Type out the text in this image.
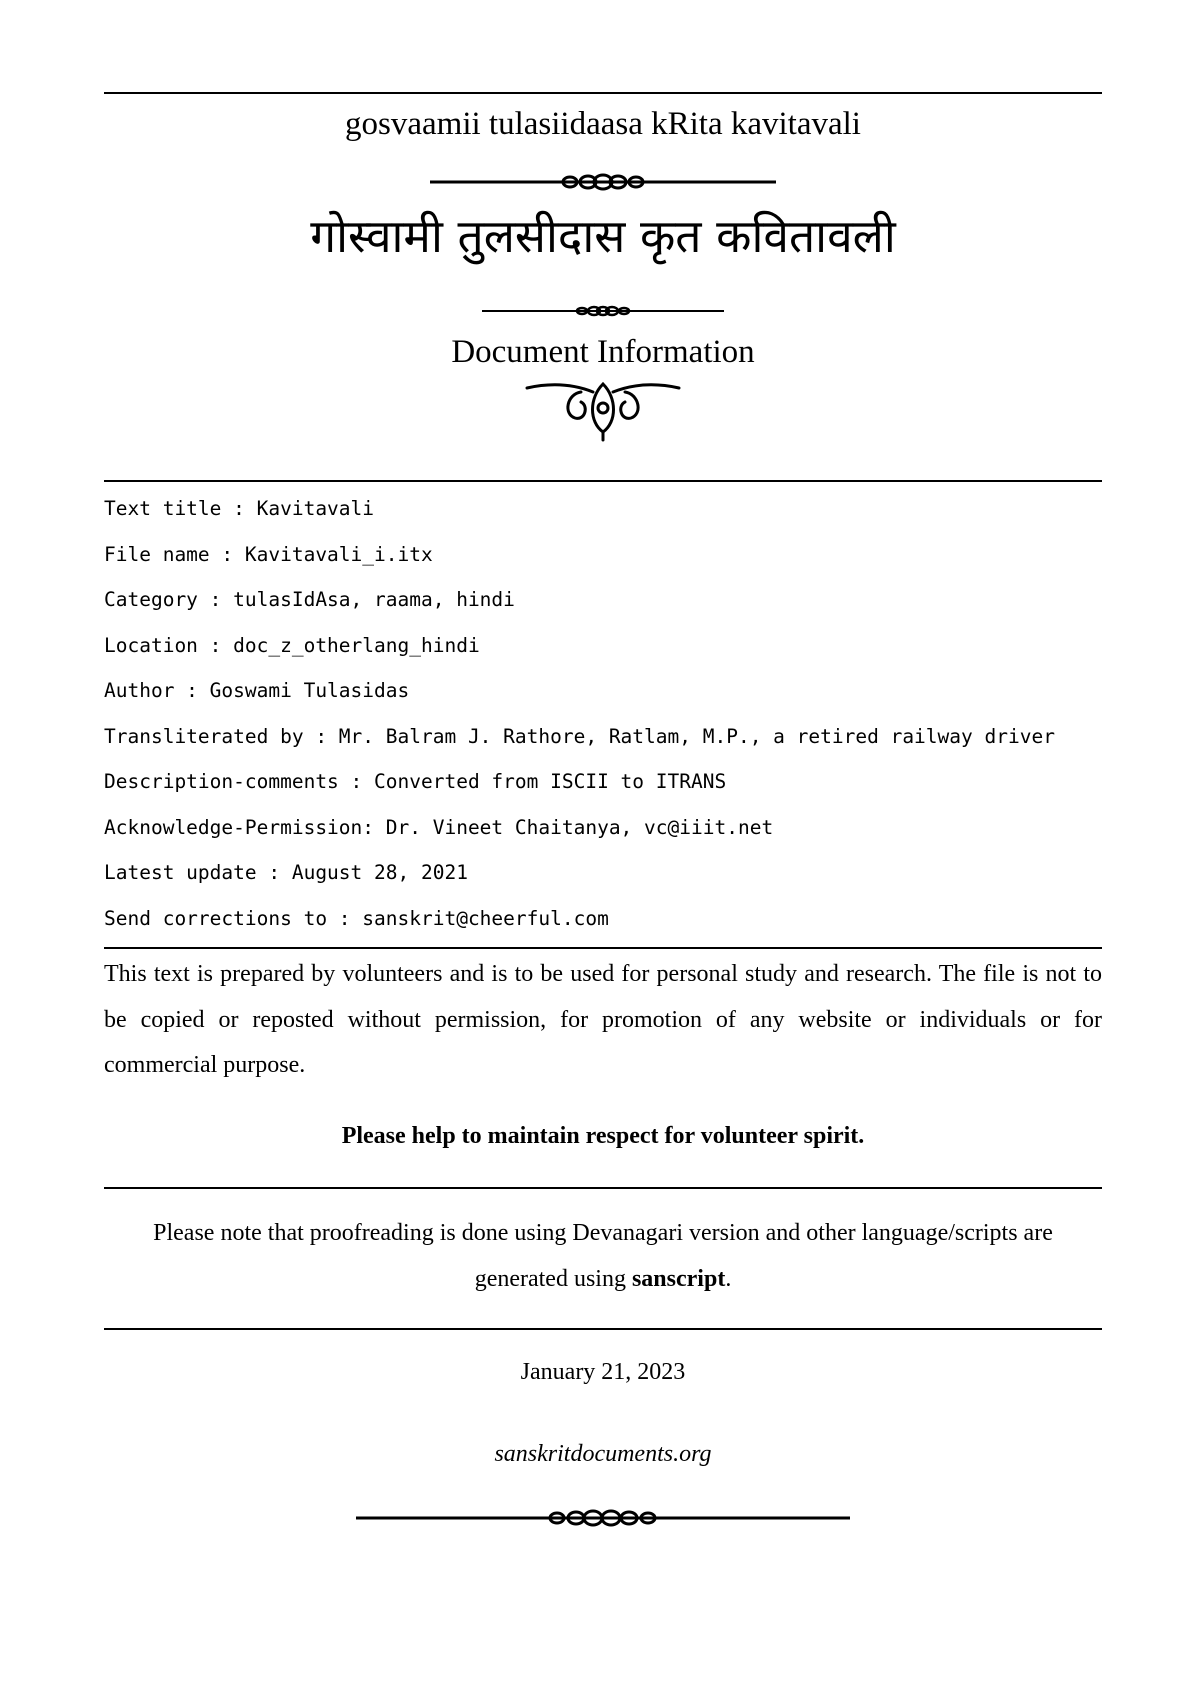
gosvaamii tulasiidaasa kRita kavitavali
गोस्वामी तुलसीदास कृत कवितावली
Document Information
Text title : Kavitavali
File name : Kavitavali_i.itx
Category : tulasIdAsa, raama, hindi
Location : doc_z_otherlang_hindi
Author : Goswami Tulasidas
Transliterated by : Mr. Balram J. Rathore, Ratlam, M.P., a retired railway driver
Description-comments : Converted from ISCII to ITRANS
Acknowledge-Permission: Dr. Vineet Chaitanya, vc@iiit.net
Latest update : August 28, 2021
Send corrections to : sanskrit@cheerful.com
This text is prepared by volunteers and is to be used for personal study and research. The file is not to be copied or reposted without permission, for promotion of any website or individuals or for commercial purpose.
Please help to maintain respect for volunteer spirit.
Please note that proofreading is done using Devanagari version and other language/scripts are generated using sanscript.
January 21, 2023
sanskritdocuments.org
